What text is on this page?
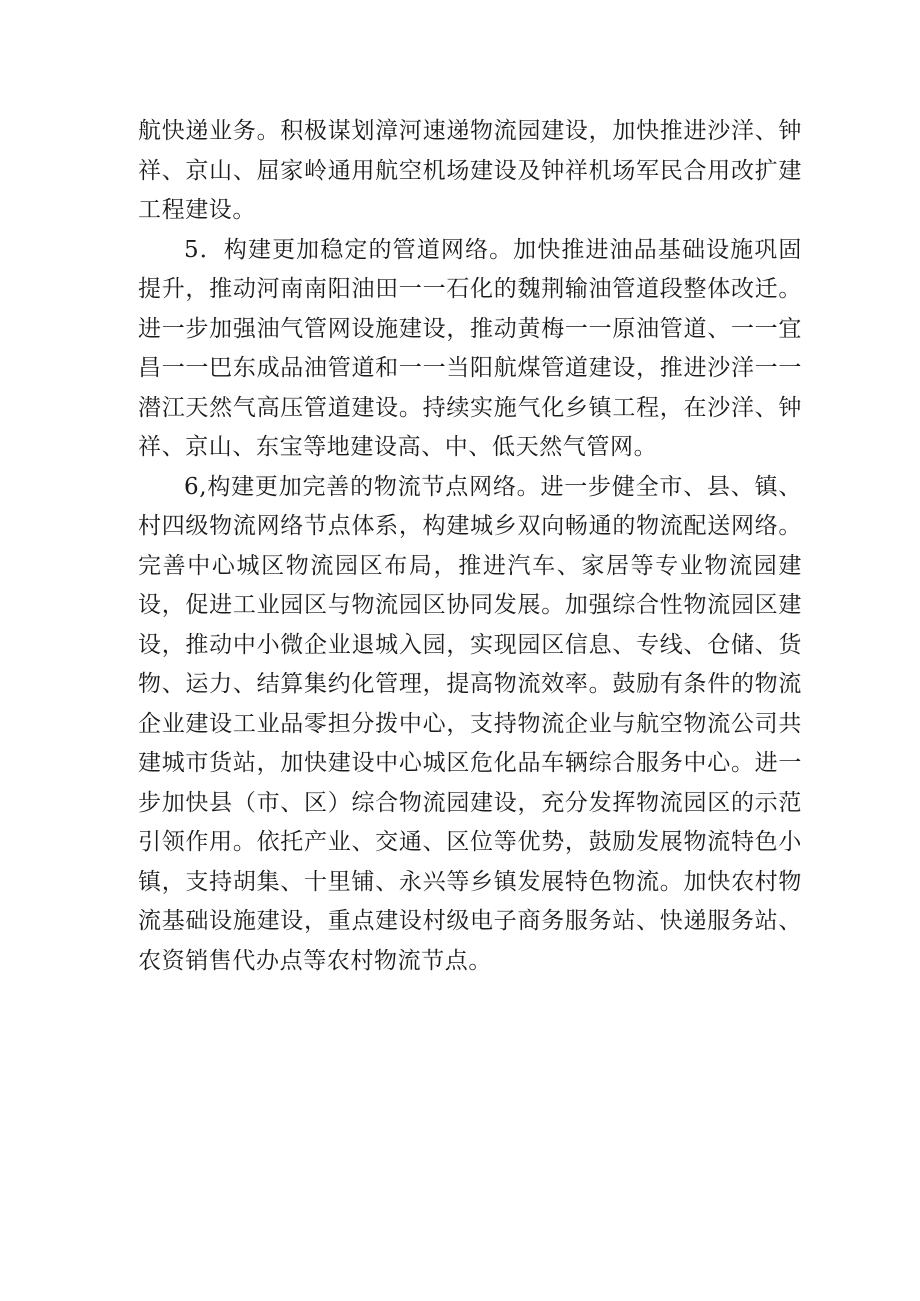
航快递业务。积极谋划漳河速递物流园建设，加快推进沙洋、钟祥、京山、屈家岭通用航空机场建设及钟祥机场军民合用改扩建工程建设。

5．构建更加稳定的管道网络。加快推进油品基础设施巩固提升，推动河南南阳油田一一石化的魏荆输油管道段整体改迁。进一步加强油气管网设施建设，推动黄梅一一原油管道、一一宜昌一一巴东成品油管道和一一当阳航煤管道建设，推进沙洋一一潜江天然气高压管道建设。持续实施气化乡镇工程，在沙洋、钟祥、京山、东宝等地建设高、中、低天然气管网。

6,构建更加完善的物流节点网络。进一步健全市、县、镇、村四级物流网络节点体系，构建城乡双向畅通的物流配送网络。完善中心城区物流园区布局，推进汽车、家居等专业物流园建设，促进工业园区与物流园区协同发展。加强综合性物流园区建设，推动中小微企业退城入园，实现园区信息、专线、仓储、货物、运力、结算集约化管理，提高物流效率。鼓励有条件的物流企业建设工业品零担分拨中心，支持物流企业与航空物流公司共建城市货站，加快建设中心城区危化品车辆综合服务中心。进一步加快县（市、区）综合物流园建设，充分发挥物流园区的示范引领作用。依托产业、交通、区位等优势，鼓励发展物流特色小镇，支持胡集、十里铺、永兴等乡镇发展特色物流。加快农村物流基础设施建设，重点建设村级电子商务服务站、快递服务站、农资销售代办点等农村物流节点。
